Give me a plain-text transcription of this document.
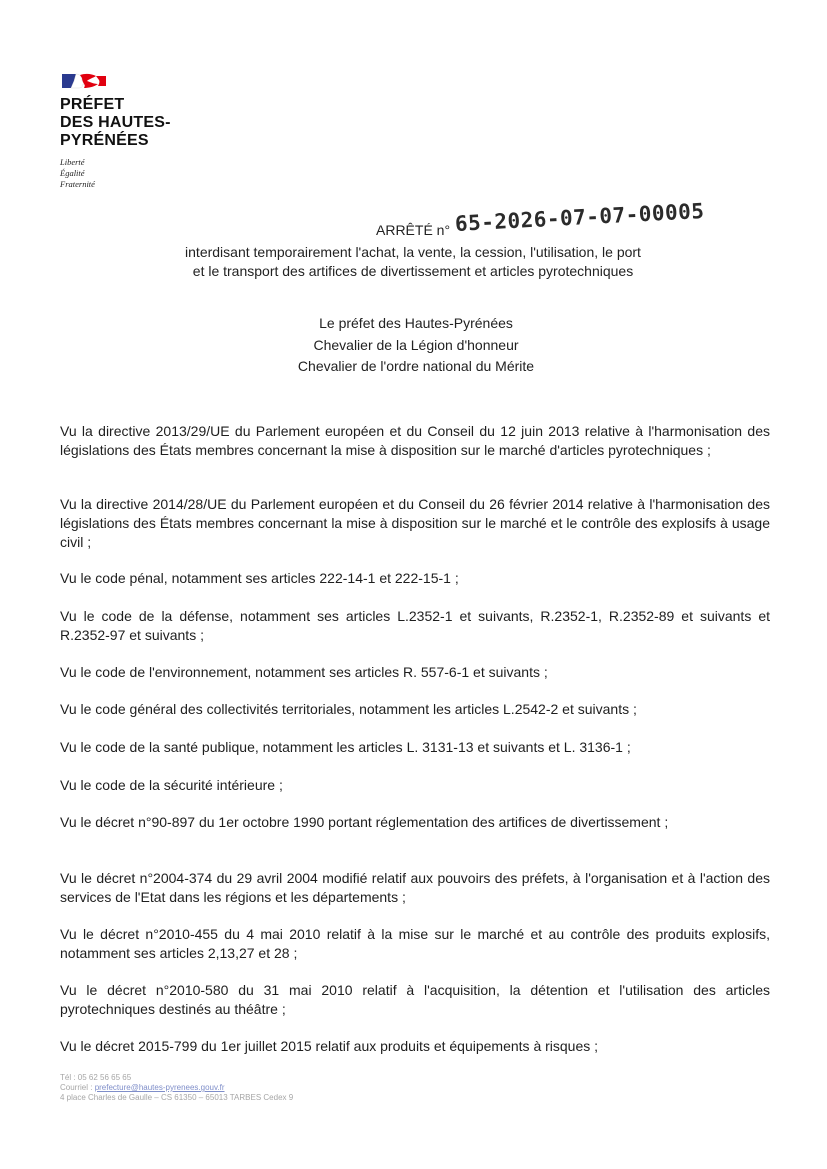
PRÉFET
DES HAUTES-
PYRÉNÉES
Liberté
Égalité
Fraternité
ARRÊTÉ n° 65-2026-07-07-00005
interdisant temporairement l'achat, la vente, la cession, l'utilisation, le port
et le transport des artifices de divertissement et articles pyrotechniques
Le préfet des Hautes-Pyrénées
Chevalier de la Légion d'honneur
Chevalier de l'ordre national du Mérite
Vu la directive 2013/29/UE du Parlement européen et du Conseil du 12 juin 2013 relative à l'harmonisation des législations des États membres concernant la mise à disposition sur le marché d'articles pyrotechniques ;
Vu la directive 2014/28/UE du Parlement européen et du Conseil du 26 février 2014 relative à l'harmonisation des législations des États membres concernant la mise à disposition sur le marché et le contrôle des explosifs à usage civil ;
Vu le code pénal, notamment ses articles 222-14-1 et 222-15-1 ;
Vu le code de la défense, notamment ses articles L.2352-1 et suivants, R.2352-1, R.2352-89 et suivants et R.2352-97 et suivants ;
Vu le code de l'environnement, notamment ses articles R. 557-6-1 et suivants ;
Vu le code général des collectivités territoriales, notamment les articles L.2542-2 et suivants ;
Vu le code de la santé publique, notamment les articles L. 3131-13 et suivants et L. 3136-1 ;
Vu le code de la sécurité intérieure ;
Vu le décret n°90-897 du 1er octobre 1990 portant réglementation des artifices de divertissement ;
Vu le décret n°2004-374 du 29 avril 2004 modifié relatif aux pouvoirs des préfets, à l'organisation et à l'action des services de l'Etat dans les régions et les départements ;
Vu le décret n°2010-455 du 4 mai 2010 relatif à la mise sur le marché et au contrôle des produits explosifs, notamment ses articles 2,13,27 et 28 ;
Vu le décret n°2010-580 du 31 mai 2010 relatif à l'acquisition, la détention et l'utilisation des articles pyrotechniques destinés au théâtre ;
Vu le décret 2015-799 du 1er juillet 2015 relatif aux produits et équipements à risques ;
Tél : 05 62 56 65 65
Courriel : prefecture@hautes-pyrenees.gouv.fr
4 place Charles de Gaulle – CS 61350 – 65013 TARBES Cedex 9
